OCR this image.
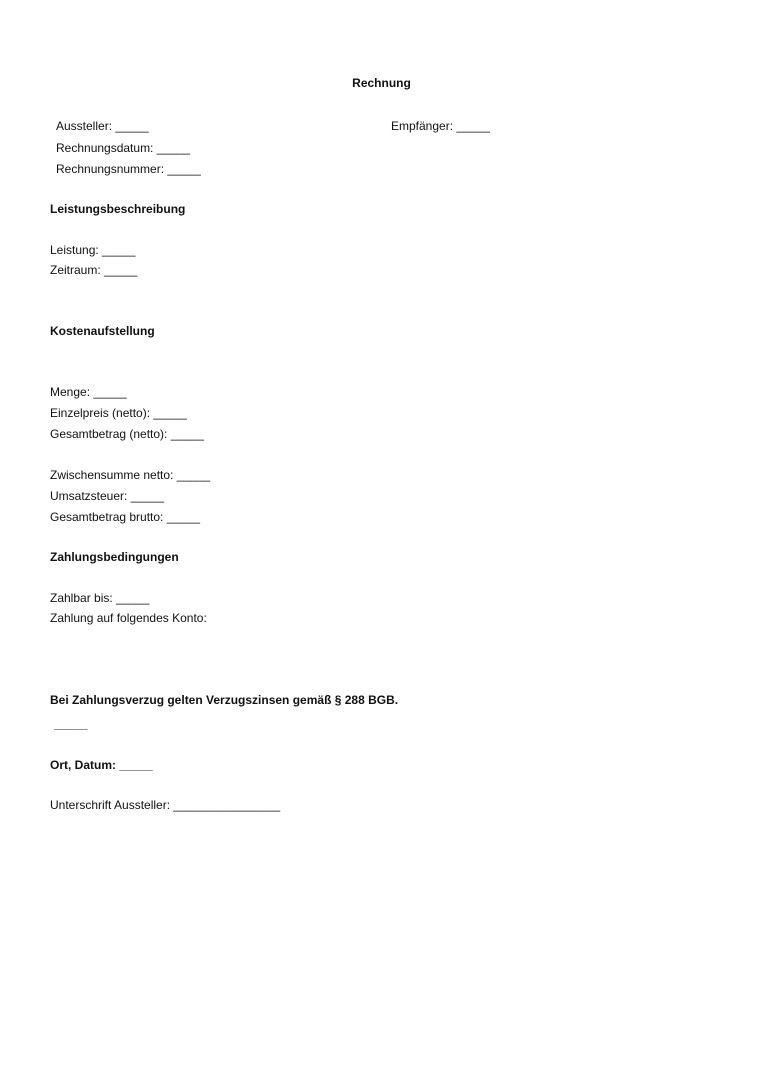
Rechnung
Aussteller: _____	Empfänger: _____
Rechnungsdatum: _____
Rechnungsnummer: _____
Leistungsbeschreibung
Leistung: _____
Zeitraum: _____
Kostenaufstellung
Menge: _____
Einzelpreis (netto): _____
Gesamtbetrag (netto): _____
Zwischensumme netto: _____
Umsatzsteuer: _____
Gesamtbetrag brutto: _____
Zahlungsbedingungen
Zahlbar bis: _____
Zahlung auf folgendes Konto:
Bei Zahlungsverzug gelten Verzugszinsen gemäß § 288 BGB.
_____
Ort, Datum: _____
Unterschrift Aussteller: ________________
